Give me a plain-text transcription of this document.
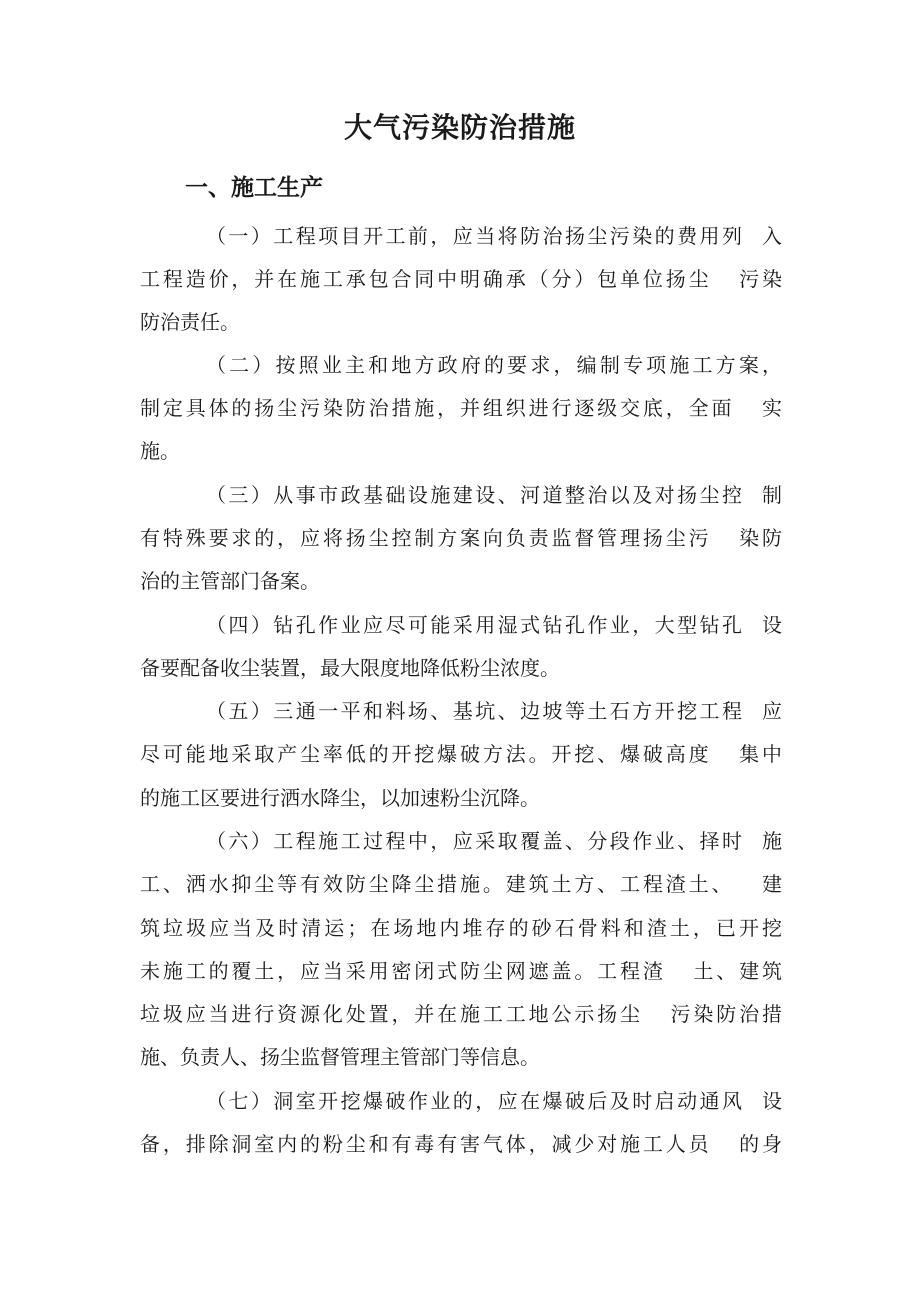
大气污染防治措施
一、施工生产
（一）工程项目开工前，应当将防治扬尘污染的费用列  入
工程造价，并在施工承包合同中明确承（分）包单位扬尘   污染
防治责任。
（二）按照业主和地方政府的要求，编制专项施工方案，
制定具体的扬尘污染防治措施，并组织进行逐级交底，全面   实
施。
（三）从事市政基础设施建设、河道整治以及对扬尘控  制
有特殊要求的，应将扬尘控制方案向负责监督管理扬尘污   染防
治的主管部门备案。
（四）钻孔作业应尽可能采用湿式钻孔作业，大型钻孔  设
备要配备收尘装置，最大限度地降低粉尘浓度。
（五）三通一平和料场、基坑、边坡等土石方开挖工程  应
尽可能地采取产尘率低的开挖爆破方法。开挖、爆破高度   集中
的施工区要进行洒水降尘，以加速粉尘沉降。
（六）工程施工过程中，应采取覆盖、分段作业、择时  施
工、洒水抑尘等有效防尘降尘措施。建筑土方、工程渣土、   建
筑垃圾应当及时清运；在场地内堆存的砂石骨料和渣土，已开挖
未施工的覆土，应当采用密闭式防尘网遮盖。工程渣   土、建筑
垃圾应当进行资源化处置，并在施工工地公示扬尘   污染防治措
施、负责人、扬尘监督管理主管部门等信息。
（七）洞室开挖爆破作业的，应在爆破后及时启动通风  设
备，排除洞室内的粉尘和有毒有害气体，减少对施工人员   的身
